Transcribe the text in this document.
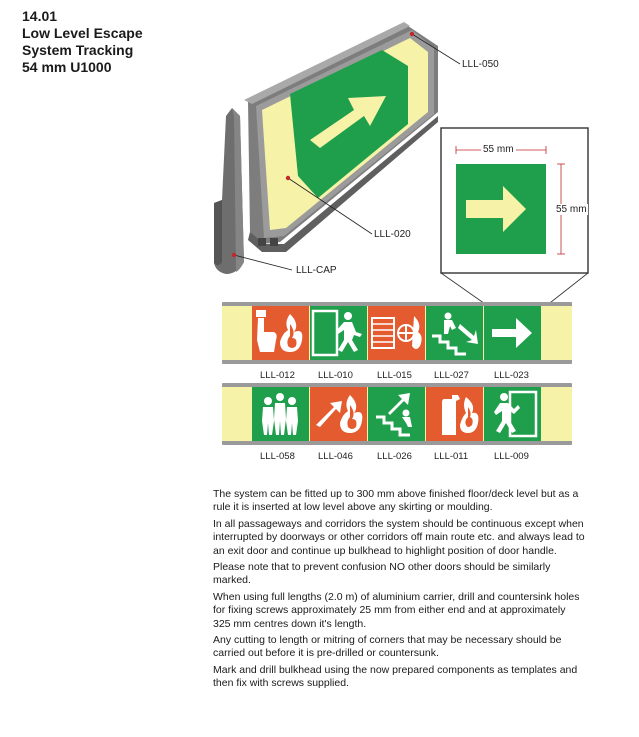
14.01
Low Level Escape
System Tracking
54 mm U1000	LLL-050
LLL-020
LLL-CAP
55 mm
55 mm
LLL-012 LLL-010	LLL-015 LLL-027	LLL-023
LLL-058 LLL-046	LLL-026 LLL-011	LLL-009

The system can be fitted up to 300 mm above finished floor/deck level but as a rule it is inserted at low level above any skirting or moulding.

In all passageways and corridors the system should be continuous except when interrupted by doorways or other corridors off main route etc. and always lead to an exit door and continue up bulkhead to highlight position of door handle.

Please note that to prevent confusion NO other doors should be similarly marked.

When using full lengths (2.0 m) of aluminium carrier, drill and countersink holes for fixing screws approximately 25 mm from either end and at approximately 325 mm centres down it's length.

Any cutting to length or mitring of corners that may be necessary should be carried out before it is pre-drilled or countersunk.

Mark and drill bulkhead using the now prepared components as templates and then fix with screws supplied.
